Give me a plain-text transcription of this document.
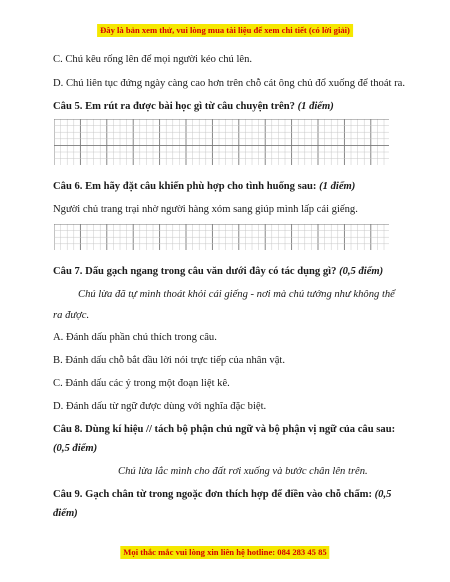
Đây là bản xem thử, vui lòng mua tài liệu để xem chi tiết (có lời giải)
C. Chú kêu rống lên để mọi người kéo chú lên.
D. Chú liên tục đứng ngày càng cao hơn trên chỗ cát ông chủ đổ xuống để thoát ra.
Câu 5. Em rút ra được bài học gì từ câu chuyện trên? (1 điểm)
Câu 6. Em hãy đặt câu khiến phù hợp cho tình huống sau: (1 điểm)
Người chủ trang trại nhờ người hàng xóm sang giúp mình lấp cái giếng.
Câu 7. Dấu gạch ngang trong câu văn dưới đây có tác dụng gì? (0,5 điểm)
Chú lừa đã tự mình thoát khỏi cái giếng - nơi mà chú tưởng như không thể
ra được.
A. Đánh dấu phần chú thích trong câu.
B. Đánh dấu chỗ bắt đầu lời nói trực tiếp của nhân vật.
C. Đánh dấu các ý trong một đoạn liệt kê.
D. Đánh dấu từ ngữ được dùng với nghĩa đặc biệt.
Câu 8. Dùng kí hiệu // tách bộ phận chủ ngữ và bộ phận vị ngữ của câu sau:
(0,5 điểm)
Chú lừa lắc mình cho đất rơi xuống và bước chân lên trên.
Câu 9. Gạch chân từ trong ngoặc đơn thích hợp để điền vào chỗ chấm: (0,5
điểm)
Mọi thắc mắc vui lòng xin liên hệ hotline: 084 283 45 85
